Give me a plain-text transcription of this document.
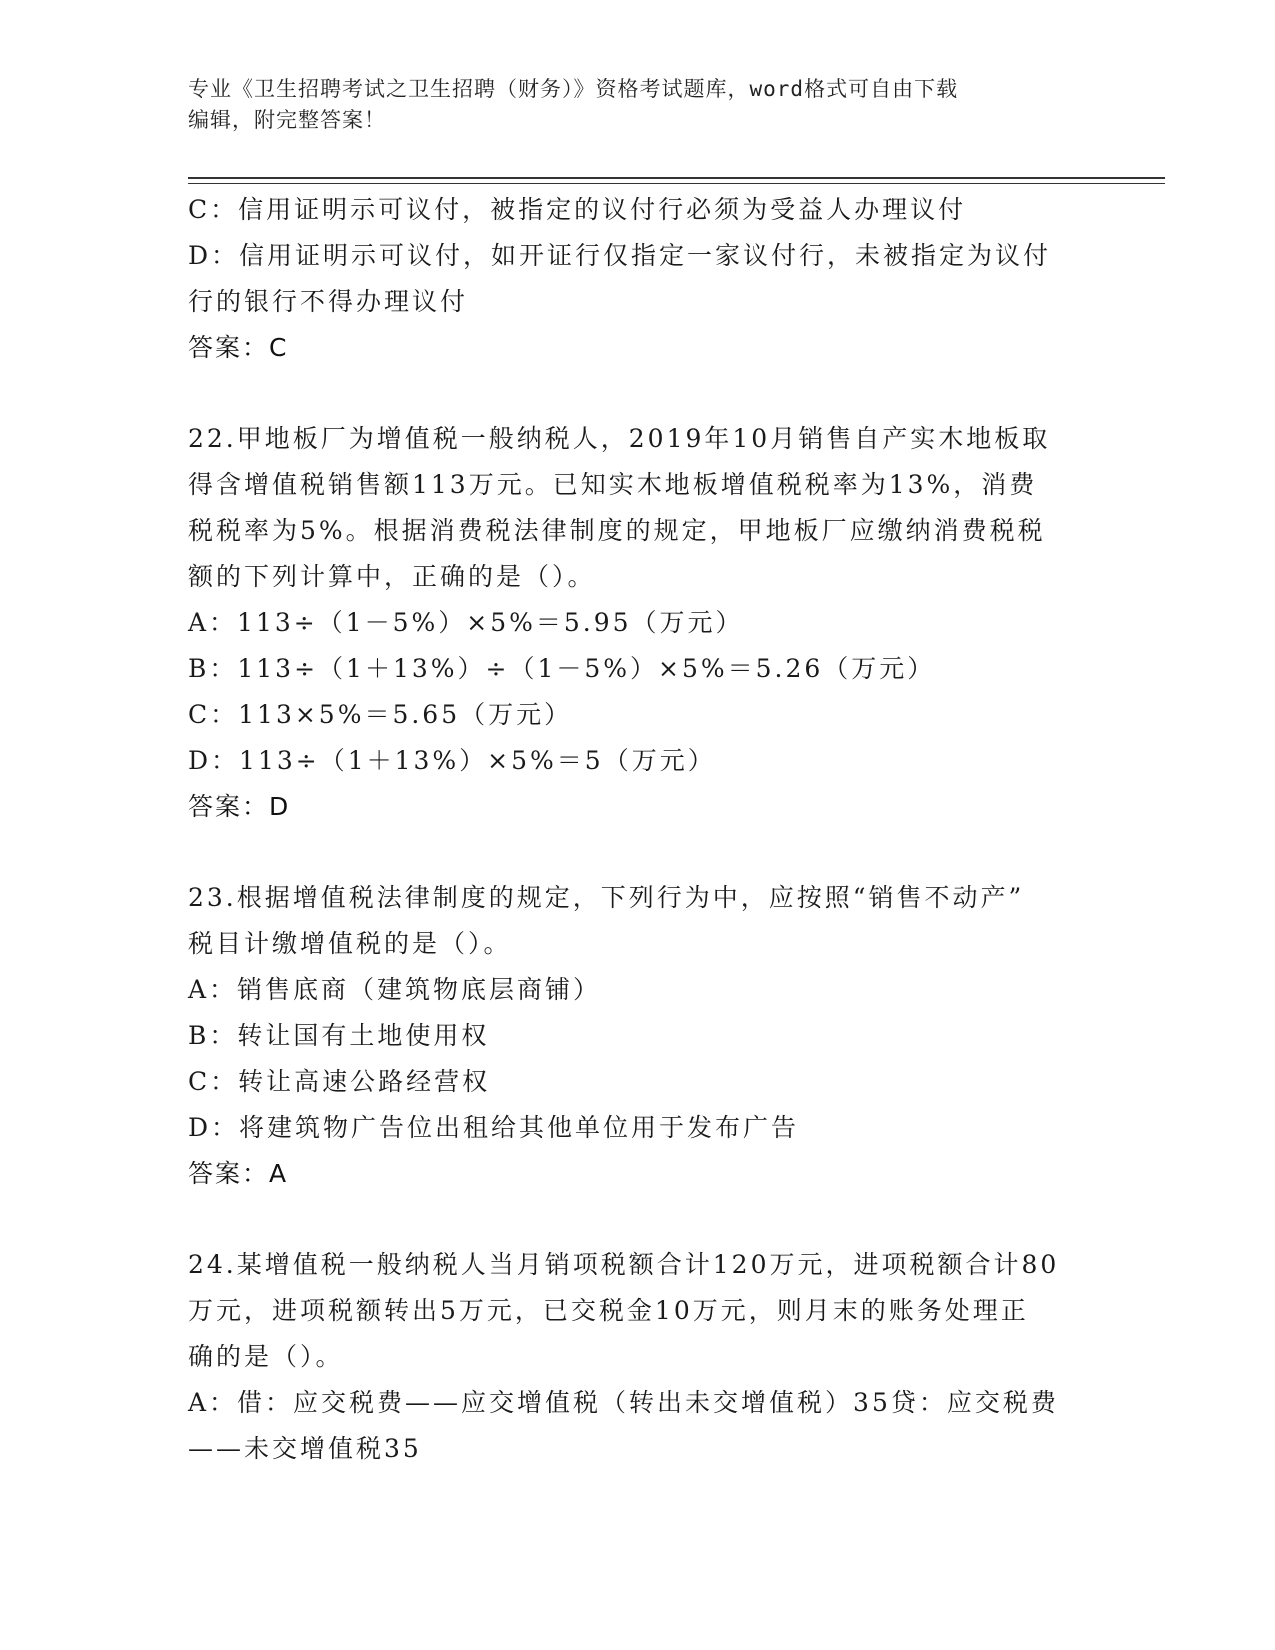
专业《卫生招聘考试之卫生招聘（财务）》资格考试题库，word格式可自由下载
编辑，附完整答案！
C：信用证明示可议付，被指定的议付行必须为受益人办理议付
D：信用证明示可议付，如开证行仅指定一家议付行，未被指定为议付
行的银行不得办理议付
答案：C
22.甲地板厂为增值税一般纳税人，2019年10月销售自产实木地板取
得含增值税销售额113万元。已知实木地板增值税税率为13%，消费
税税率为5%。根据消费税法律制度的规定，甲地板厂应缴纳消费税税
额的下列计算中，正确的是（）。
A：113÷（1－5%）×5%＝5.95（万元）
B：113÷（1＋13%）÷（1－5%）×5%＝5.26（万元）
C：113×5%＝5.65（万元）
D：113÷（1＋13%）×5%＝5（万元）
答案：D
23.根据增值税法律制度的规定，下列行为中，应按照“销售不动产”
税目计缴增值税的是（）。
A：销售底商（建筑物底层商铺）
B：转让国有土地使用权
C：转让高速公路经营权
D：将建筑物广告位出租给其他单位用于发布广告
答案：A
24.某增值税一般纳税人当月销项税额合计120万元，进项税额合计80
万元，进项税额转出5万元，已交税金10万元，则月末的账务处理正
确的是（）。
A：借：应交税费——应交增值税（转出未交增值税）35贷：应交税费
——未交增值税35
